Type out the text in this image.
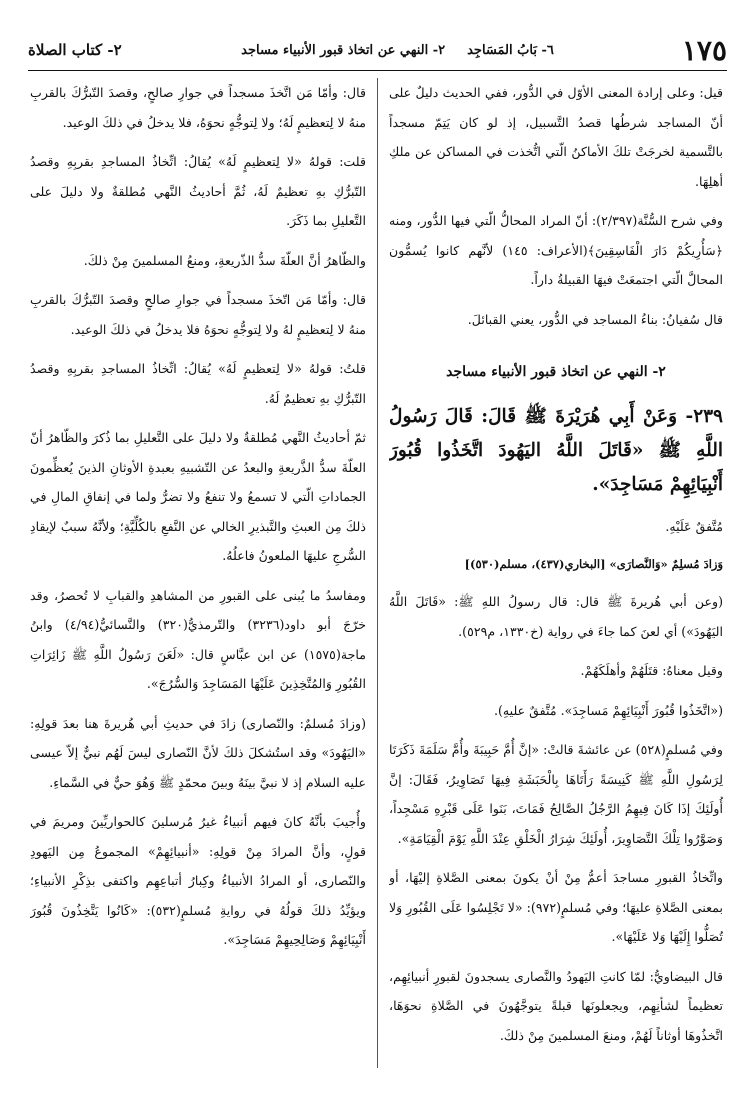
١٧٥
٦- بَابُ المَسَاجِد٢- النهي عن اتخاذ قبور الأنبياء مساجد
٢- كتاب الصلاة

قيل: وعلى إرادة المعنى الأوّل في الدُّور، ففي الحديث دليلٌ على أنّ المساجد شرطُها قصدُ التَّسبيل، إذ لو كان يَتِمّ مسجداً بالتَّسمية لخرجَتْ تلكَ الأماكنُ الّتي اتُّخذت في المساكن عن ملكِ أهلِهَا.

وفي شرح السُّنَّة(٢/٣٩٧): أنّ المراد المحالُّ الّتي فيها الدُّور، ومنه ﴿سَأُرِيكُمْ دَارَ الْفَاسِقِينَ﴾(الأعراف: ١٤٥) لأنَّهم كانوا يُسمُّون المحالَّ الّتي اجتمعَتْ فيهَا القبيلةُ داراً.

قال سُفيانُ: بناءُ المساجد في الدُّور، يعني القبائلَ.

٢- النهي عن اتخاذ قبور الأنبياء مساجد

٢٣٩- وَعَنْ أَبِي هُرَيْرَةَ ﷺ قَالَ: قَالَ رَسُولُ اللَّهِ ﷺ «قَاتَلَ اللَّهُ اليَهُودَ اتَّخَذُوا قُبُورَ أَنْبِيَائِهِمْ مَسَاجِدَ».

مُتَّفقٌ عَلَيْهِ.

وَزادَ مُسلِمٌ «وَالنَّصارَى» [البخاري(٤٣٧)، مسلم(٥٣٠)]

(وعن أبي هُريرةَ ﷺ قال: قال رسولُ اللهِ ﷺ: «قَاتَلَ اللَّهُ اليَهُودَ») أي لعنَ كما جاءَ في رواية (خ١٣٣٠، م٥٢٩).

وقيل معناهُ: قتَلَهُمْ وأهلَكَهُمْ.

(«اتَّخَذُوا قُبُورَ أَنْبِيَائِهِمْ مَساجِدَ». مُتَّفقٌ عليهِ).

وفي مُسلمٍ(٥٢٨) عن عائشةَ قالتْ: «إنَّ أُمَّ حَبِيبَةَ وأُمَّ سَلَمَةَ ذَكَرَتَا لِرَسُولِ اللَّهِ ﷺ كَنِيسَةً رَأَتَاهَا بِالْحَبَشَةِ فِيهَا تَصَاوِيرُ، فَقَالَ: إنَّ أُولَئِكَ إذَا كَانَ فِيهِمُ الرَّجُلُ الصَّالِحُ فَمَاتَ، بَنَوا عَلَى قَبْرِهِ مَسْجِداً، وَصَوَّرُوا تِلْكَ التَّصَاوِيرَ، أُولَئِكَ شِرَارُ الْخَلْقِ عِنْدَ اللَّهِ يَوْمَ الْقِيَامَةِ».

واتِّخاذُ القبورِ مساجدَ أعمُّ مِنْ أنْ يكونَ بمعنى الصَّلاةِ إليْهَا، أو بمعنى الصَّلاةِ عليهَا؛ وفي مُسلمٍ(٩٧٢): «لا تَجْلِسُوا عَلَى القُبُورِ وَلا تُصَلُّوا إِلَيْهَا وَلا عَلَيْهَا».

قال البيضاويُّ: لمّا كانتِ اليَهودُ والنَّصارى يسجدونَ لقبورِ أنبيائِهِم، تعظيماً لشأنِهِم، ويجعلونَها قبلةً يتوجَّهُونَ في الصَّلاةِ نحوَهَا، اتَّخذُوهَا أوثاناً لَهُمْ، ومنعَ المسلمينَ مِنْ ذلكَ.

قال: وأمّا مَن اتَّخذَ مسجداً في جوارِ صالحٍ، وقصدَ التّبرُّكَ بالقربِ منهُ لا لِتعظيمٍ لَهُ؛ ولا لِتوجُّهٍ نحوَهُ، فلا يدخلُ في ذلكَ الوعيد.

قلت: قولهُ «لا لِتعظيمٍ لَهُ» يُقالُ: اتِّخاذُ المساجدِ بقربِهِ وقصدُ التّبرُّكِ بهِ تعظيمٌ لَهُ، ثُمَّ أحاديثُ النَّهي مُطلقةٌ ولا دليلَ على التَّعليلِ بما ذَكَرَ.

والظّاهرُ أنَّ العلّةَ سدُّ الذّريعةِ، ومنعُ المسلمينَ مِنْ ذلكَ.

قال: وأمّا مَن اتّخذَ مسجداً في جوارِ صالحٍ وقصدَ التّبرُّكَ بالقربِ منهُ لا لِتعظيمٍ لهُ ولا لِتوجُّهٍ نحوَهُ فلا يدخلُ في ذلكَ الوعيد.

قلتُ: قولهُ «لا لِتعظيمٍ لَهُ» يُقالُ: اتِّخاذُ المساجدِ بقربِهِ وقصدُ التّبرُّكِ بهِ تعظيمٌ لَهُ.

ثمّ أحاديثُ النَّهي مُطلقةٌ ولا دليلَ على التَّعليلِ بما ذُكرَ والظّاهرُ أنّ العلّةَ سدُّ الذَّريعةِ والبعدُ عن التّشبيهِ بعبدةِ الأوثانِ الذينَ يُعظِّمونَ الجماداتِ الّتي لا تسمعُ ولا تنفعُ ولا تضرُّ ولما في إنفاقِ المالِ في ذلكَ مِن العبثِ والتَّبذيرِ الخالي عن النَّفعِ بالكُلِّيَّةِ؛ ولأنَّهُ سببٌ لإيقادِ السُّرجِ عليهَا الملعونُ فاعلُهُ.

ومفاسدُ ما يُبنى على القبورِ من المشاهدِ والقبابِ لا تُحصرُ، وقد خرّجَ أبو داود(٣٢٣٦) والتّرمذيُّ(٣٢٠) والنَّسائيُّ(٤/٩٤) وابنُ ماجة(١٥٧٥) عن ابن عبَّاسٍ قال: «لَعَنَ رَسُولُ اللَّهِ ﷺ زَائِرَاتِ القُبُورِ وَالمُتَّخِذِينَ عَلَيْهَا المَسَاجِدَ وَالسُّرُجَ».

(وزادَ مُسلمٌ: والنّصارى) زادَ في حديثِ أبي هُريرةَ هنا بعدَ قولِهِ: «اليَهُودَ» وقد استُشكلَ ذلكَ لأنَّ النّصارى ليسَ لَهُم نبيٌّ إلاّ عيسى عليه السلام إذ لا نبيَّ بينَهُ وبينَ محمّدٍ ﷺ وَهُوَ حيٌّ في السَّماءِ.

وأُجيبَ بأنَّهُ كانَ فيهم أنبياءُ غيرُ مُرسلينَ كالحواريِّينَ ومريمَ في قولٍ، وأنَّ المرادَ مِنْ قولِهِ: «أنبيائِهِمْ» المجموعُ مِن اليَهودِ والنّصارى، أو المرادُ الأنبياءُ وكِبارُ أتباعِهِم واكتفى بذِكْرِ الأنبياءِ؛ ويؤيِّدُ ذلكَ قولُهُ في روايةِ مُسلمٍ(٥٣٢): «كَانُوا يَتَّخِذُونَ قُبُورَ أَنْبِيَائِهِمْ وَصَالِحِيهِمْ مَسَاجِدَ».
